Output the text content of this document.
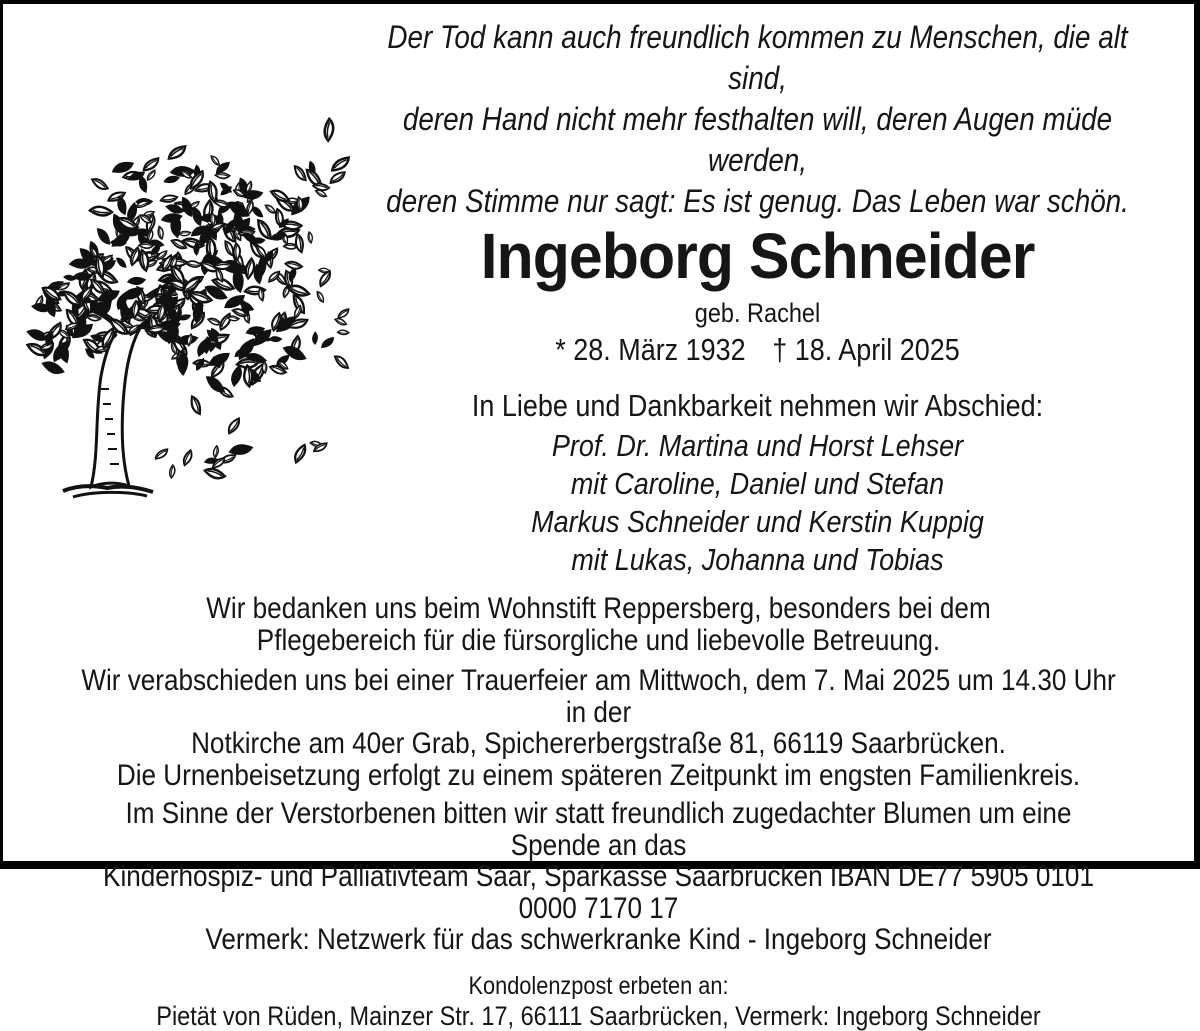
Der Tod kann auch freundlich kommen zu Menschen, die alt sind,
deren Hand nicht mehr festhalten will, deren Augen müde werden,
deren Stimme nur sagt: Es ist genug. Das Leben war schön.
Ingeborg Schneider
geb. Rachel
* 28. März 1932 † 18. April 2025
In Liebe und Dankbarkeit nehmen wir Abschied:
Prof. Dr. Martina und Horst Lehser
mit Caroline, Daniel und Stefan
Markus Schneider und Kerstin Kuppig
mit Lukas, Johanna und Tobias
Wir bedanken uns beim Wohnstift Reppersberg, besonders bei dem
Pflegebereich für die fürsorgliche und liebevolle Betreuung.
Wir verabschieden uns bei einer Trauerfeier am Mittwoch, dem 7. Mai 2025 um 14.30 Uhr in der
Notkirche am 40er Grab, Spichererbergstraße 81, 66119 Saarbrücken.
Die Urnenbeisetzung erfolgt zu einem späteren Zeitpunkt im engsten Familienkreis.
Im Sinne der Verstorbenen bitten wir statt freundlich zugedachter Blumen um eine Spende an das
Kinderhospiz- und Palliativteam Saar, Sparkasse Saarbrücken IBAN DE77 5905 0101 0000 7170 17
Vermerk: Netzwerk für das schwerkranke Kind - Ingeborg Schneider
Kondolenzpost erbeten an:
Pietät von Rüden, Mainzer Str. 17, 66111 Saarbrücken, Vermerk: Ingeborg Schneider
